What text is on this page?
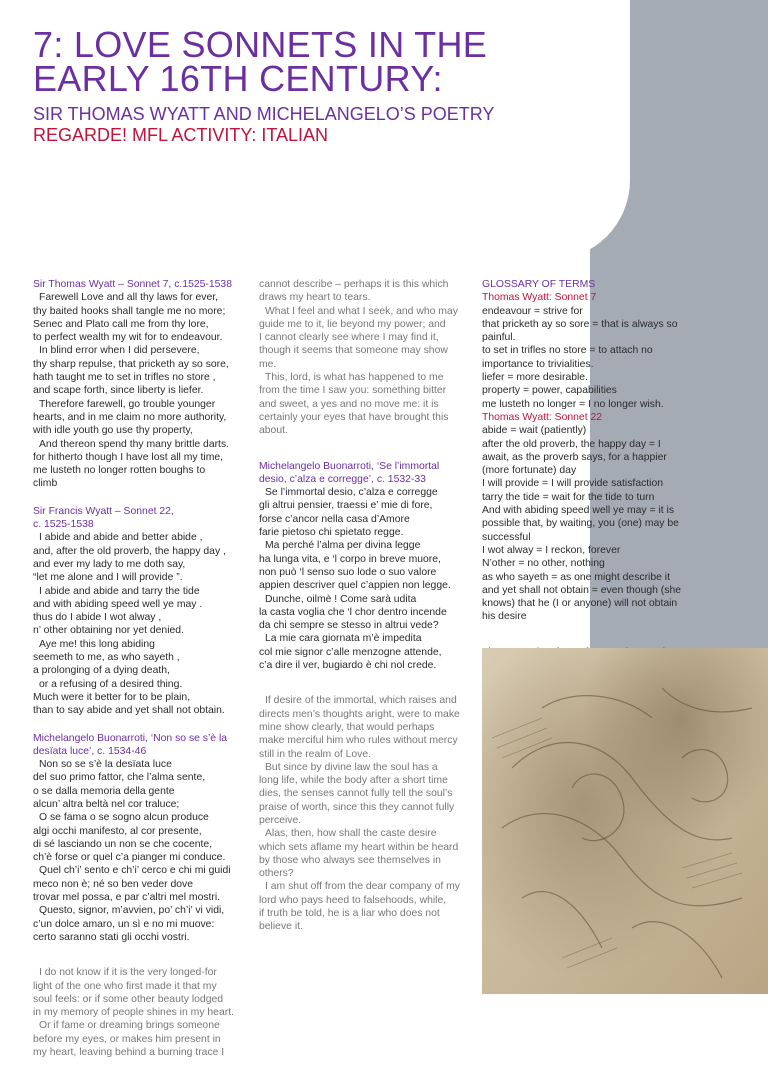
7: LOVE SONNETS IN THE
EARLY 16TH CENTURY:

SIR THOMAS WYATT AND MICHELANGELO’S POETRY

REGARDE! MFL ACTIVITY: ITALIAN

Sir Thomas Wyatt – Sonnet 7, c.1525-1538

Farewell Love and all thy laws for ever,

thy baited hooks shall tangle me no more;

Senec and Plato call me from thy lore,

to perfect wealth my wit for to endeavour.

In blind error when I did persevere,

thy sharp repulse, that pricketh ay so sore,

hath taught me to set in trifles no store ,

and scape forth, since liberty is liefer.

Therefore farewell, go trouble younger

hearts, and in me claim no more authority,

with idle youth go use thy property,

And thereon spend thy many brittle darts.

for hitherto though I have lost all my time,

me lusteth no longer rotten boughs to

climb

Sir Francis Wyatt – Sonnet 22,

c. 1525-1538

I abide and abide and better abide ,

and, after the old proverb, the happy day ,

and ever my lady to me doth say,

“let me alone and I will provide ”.

I abide and abide and tarry the tide

and with abiding speed well ye may .

thus do I abide I wot alway ,

n’ other obtaining nor yet denied.

Aye me! this long abiding

seemeth to me, as who sayeth ,

a prolonging of a dying death,

or a refusing of a desired thing.

Much were it better for to be plain,

than to say abide and yet shall not obtain.

Michelangelo Buonarroti, ‘Non so se s’è la

desïata luce’, c. 1534-46

Non so se s’è la desïata luce

del suo primo fattor, che l’alma sente,

o se dalla memoria della gente

alcun’ altra beltà nel cor traluce;

O se fama o se sogno alcun produce

algi occhi manifesto, al cor presente,

di sé lasciando un non se che cocente,

ch’è forse or quel c’a pianger mi conduce.

Quel ch’i’ sento e ch’i’ cerco e chi mi guidi

meco non è; né so ben veder dove

trovar mel possa, e par c’altri mel mostri.

Questo, signor, m’avvien, po’ ch’i’ vi vidi,

c’un dolce amaro, un sì e no mi muove:

certo saranno stati gli occhi vostri.

I do not know if it is the very longed-for

light of the one who first made it that my

soul feels: or if some other beauty lodged

in my memory of people shines in my heart.

Or if fame or dreaming brings someone

before my eyes, or makes him present in

my heart, leaving behind a burning trace I

cannot describe – perhaps it is this which

draws my heart to tears.

What I feel and what I seek, and who may

guide me to it, lie beyond my power; and

I cannot clearly see where I may find it,

though it seems that someone may show

me.

This, lord, is what has happened to me

from the time I saw you: something bitter

and sweet, a yes and no move me: it is

certainly your eyes that have brought this

about.

Michelangelo Buonarroti, ‘Se l’immortal

desio, c’alza e corregge’, c. 1532-33

Se l’immortal desio, c’alza e corregge

gli altrui pensier, traessi e’ mie di fore,

forse c’ancor nella casa d’Amore

farie pietoso chi spietato regge.

Ma perché l’alma per divina legge

ha lunga vita, e ‘l corpo in breve muore,

non può ‘l senso suo lode o suo valore

appien descriver quel c’appien non legge.

Dunche, oilmè ! Come sarà udita

la casta voglia che ‘l chor dentro incende

da chi sempre se stesso in altrui vede?

La mie cara giornata m’è impedita

col mie signor c’alle menzogne attende,

c’a dire il ver, bugiardo è chi nol crede.

If desire of the immortal, which raises and

directs men’s thoughts aright, were to make

mine show clearly, that would perhaps

make merciful him who rules without mercy

still in the realm of Love.

But since by divine law the soul has a

long life, while the body after a short time

dies, the senses cannot fully tell the soul’s

praise of worth, since this they cannot fully

perceive.

Alas, then, how shall the caste desire

which sets aflame my heart within be heard

by those who always see themselves in

others?

I am shut off from the dear company of my

lord who pays heed to falsehoods, while,

if truth be told, he is a liar who does not

believe it.

GLOSSARY OF TERMS

Thomas Wyatt: Sonnet 7

endeavour = strive for

that pricketh ay so sore = that is always so

painful.

to set in trifles no store = to attach no

importance to trivialities.

liefer = more desirable.

property = power, capabilities

me lusteth no longer = I no longer wish.

Thomas Wyatt: Sonnet 22

abide = wait (patiently)

after the old proverb, the happy day = I

await, as the proverb says, for a happier

(more fortunate) day

I will provide = I will provide satisfaction

tarry the tide = wait for the tide to turn

And with abiding speed well ye may = it is

possible that, by waiting, you (one) may be

successful

I wot alway = I reckon, forever

N’other = no other, nothing

as who sayeth = as one might describe it

and yet shall not obtain = even though (she

knows) that he (I or anyone) will not obtain

his desire
